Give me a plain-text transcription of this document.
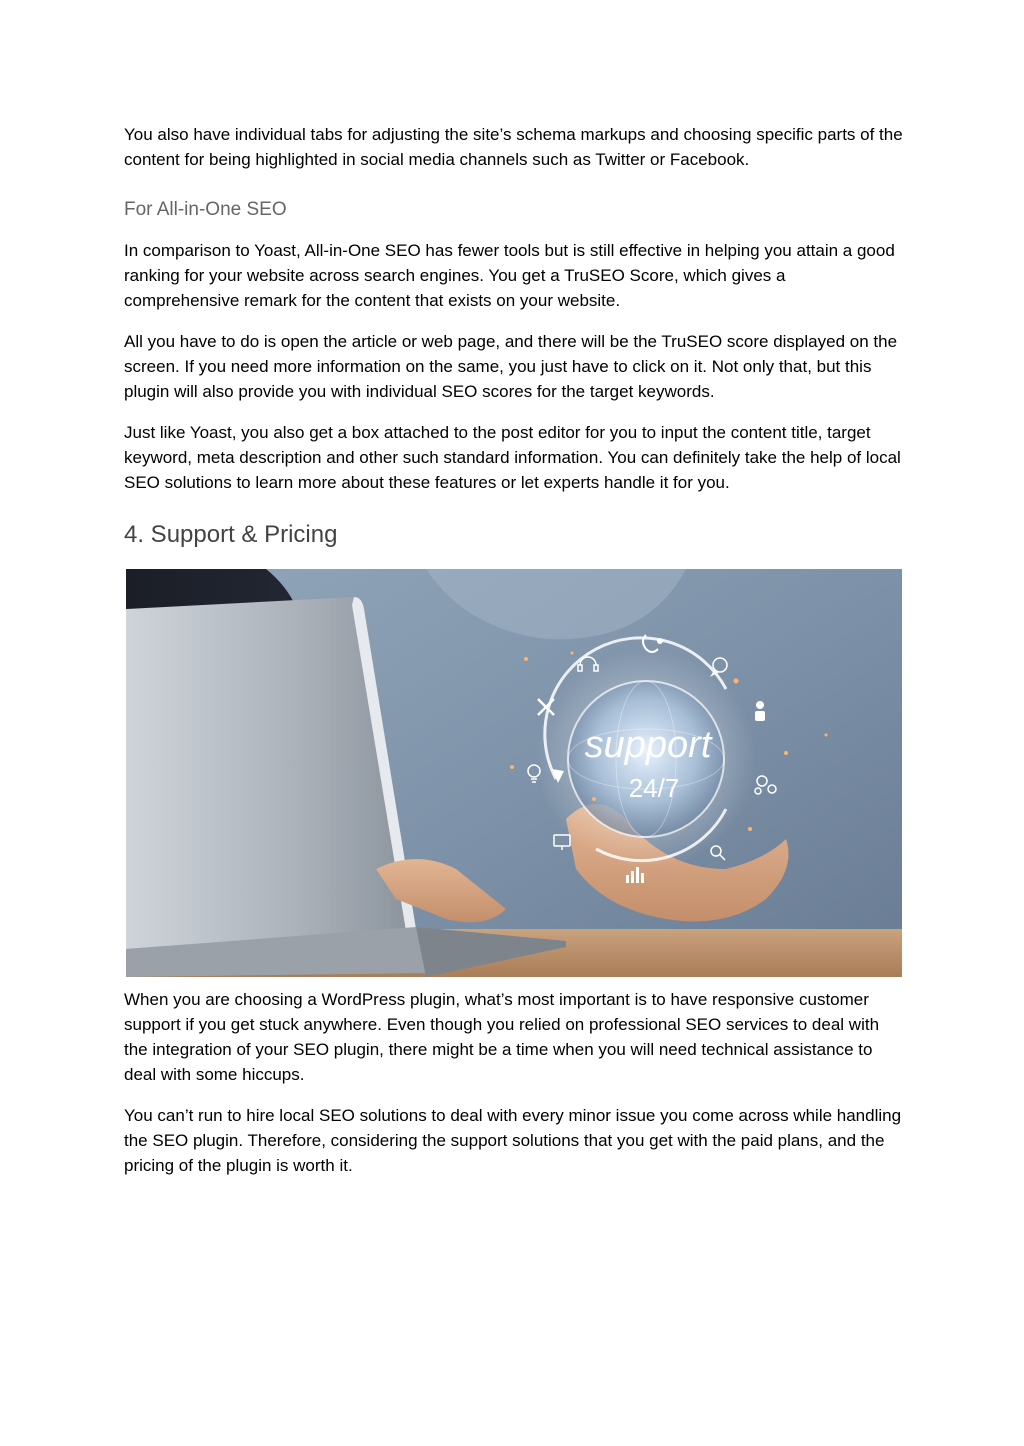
You also have individual tabs for adjusting the site’s schema markups and choosing specific parts of the content for being highlighted in social media channels such as Twitter or Facebook.

For All-in-One SEO

In comparison to Yoast, All-in-One SEO has fewer tools but is still effective in helping you attain a good ranking for your website across search engines. You get a TruSEO Score, which gives a comprehensive remark for the content that exists on your website.

All you have to do is open the article or web page, and there will be the TruSEO score displayed on the screen. If you need more information on the same, you just have to click on it. Not only that, but this plugin will also provide you with individual SEO scores for the target keywords.

Just like Yoast, you also get a box attached to the post editor for you to input the content title, target keyword, meta description and other such standard information. You can definitely take the help of local SEO solutions to learn more about these features or let experts handle it for you.

4. Support & Pricing
support
24/7

When you are choosing a WordPress plugin, what’s most important is to have responsive customer support if you get stuck anywhere. Even though you relied on professional SEO services to deal with the integration of your SEO plugin, there might be a time when you will need technical assistance to deal with some hiccups.

You can’t run to hire local SEO solutions to deal with every minor issue you come across while handling the SEO plugin. Therefore, considering the support solutions that you get with the paid plans, and the pricing of the plugin is worth it.
